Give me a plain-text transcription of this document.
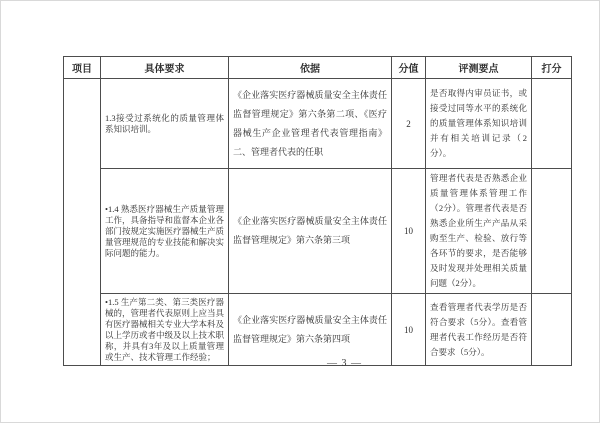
项目	具体要求	依据	分值	评测要点	打分
	1.3接受过系统化的质量管理体系知识培训。	《企业落实医疗器械质量安全主体责任监督管理规定》第六条第二项、《医疗器械生产企业管理者代表管理指南》二、管理者代表的任职	2	是否取得内审员证书，或接受过同等水平的系统化的质量管理体系知识培训并有相关培训记录（2分）。	
	•1.4 熟悉医疗器械生产质量管理工作，具备指导和监督本企业各部门按规定实施医疗器械生产质量管理规范的专业技能和解决实际问题的能力。	《企业落实医疗器械质量安全主体责任监督管理规定》第六条第三项	10	管理者代表是否熟悉企业质量管理体系管理工作（2分）。管理者代表是否熟悉企业所生产产品从采购至生产、检验、放行等各环节的要求，是否能够及时发现并处理相关质量问题（2分）。	
	•1.5 生产第二类、第三类医疗器械的，管理者代表原则上应当具有医疗器械相关专业大学本科及以上学历或者中级及以上技术职称，并具有3年及以上质量管理或生产、技术管理工作经验；	《企业落实医疗器械质量安全主体责任监督管理规定》第六条第四项	10	查看管理者代表学历是否符合要求（5分）。查看管理者代表工作经历是否符合要求（5分）。	
— 3 —
